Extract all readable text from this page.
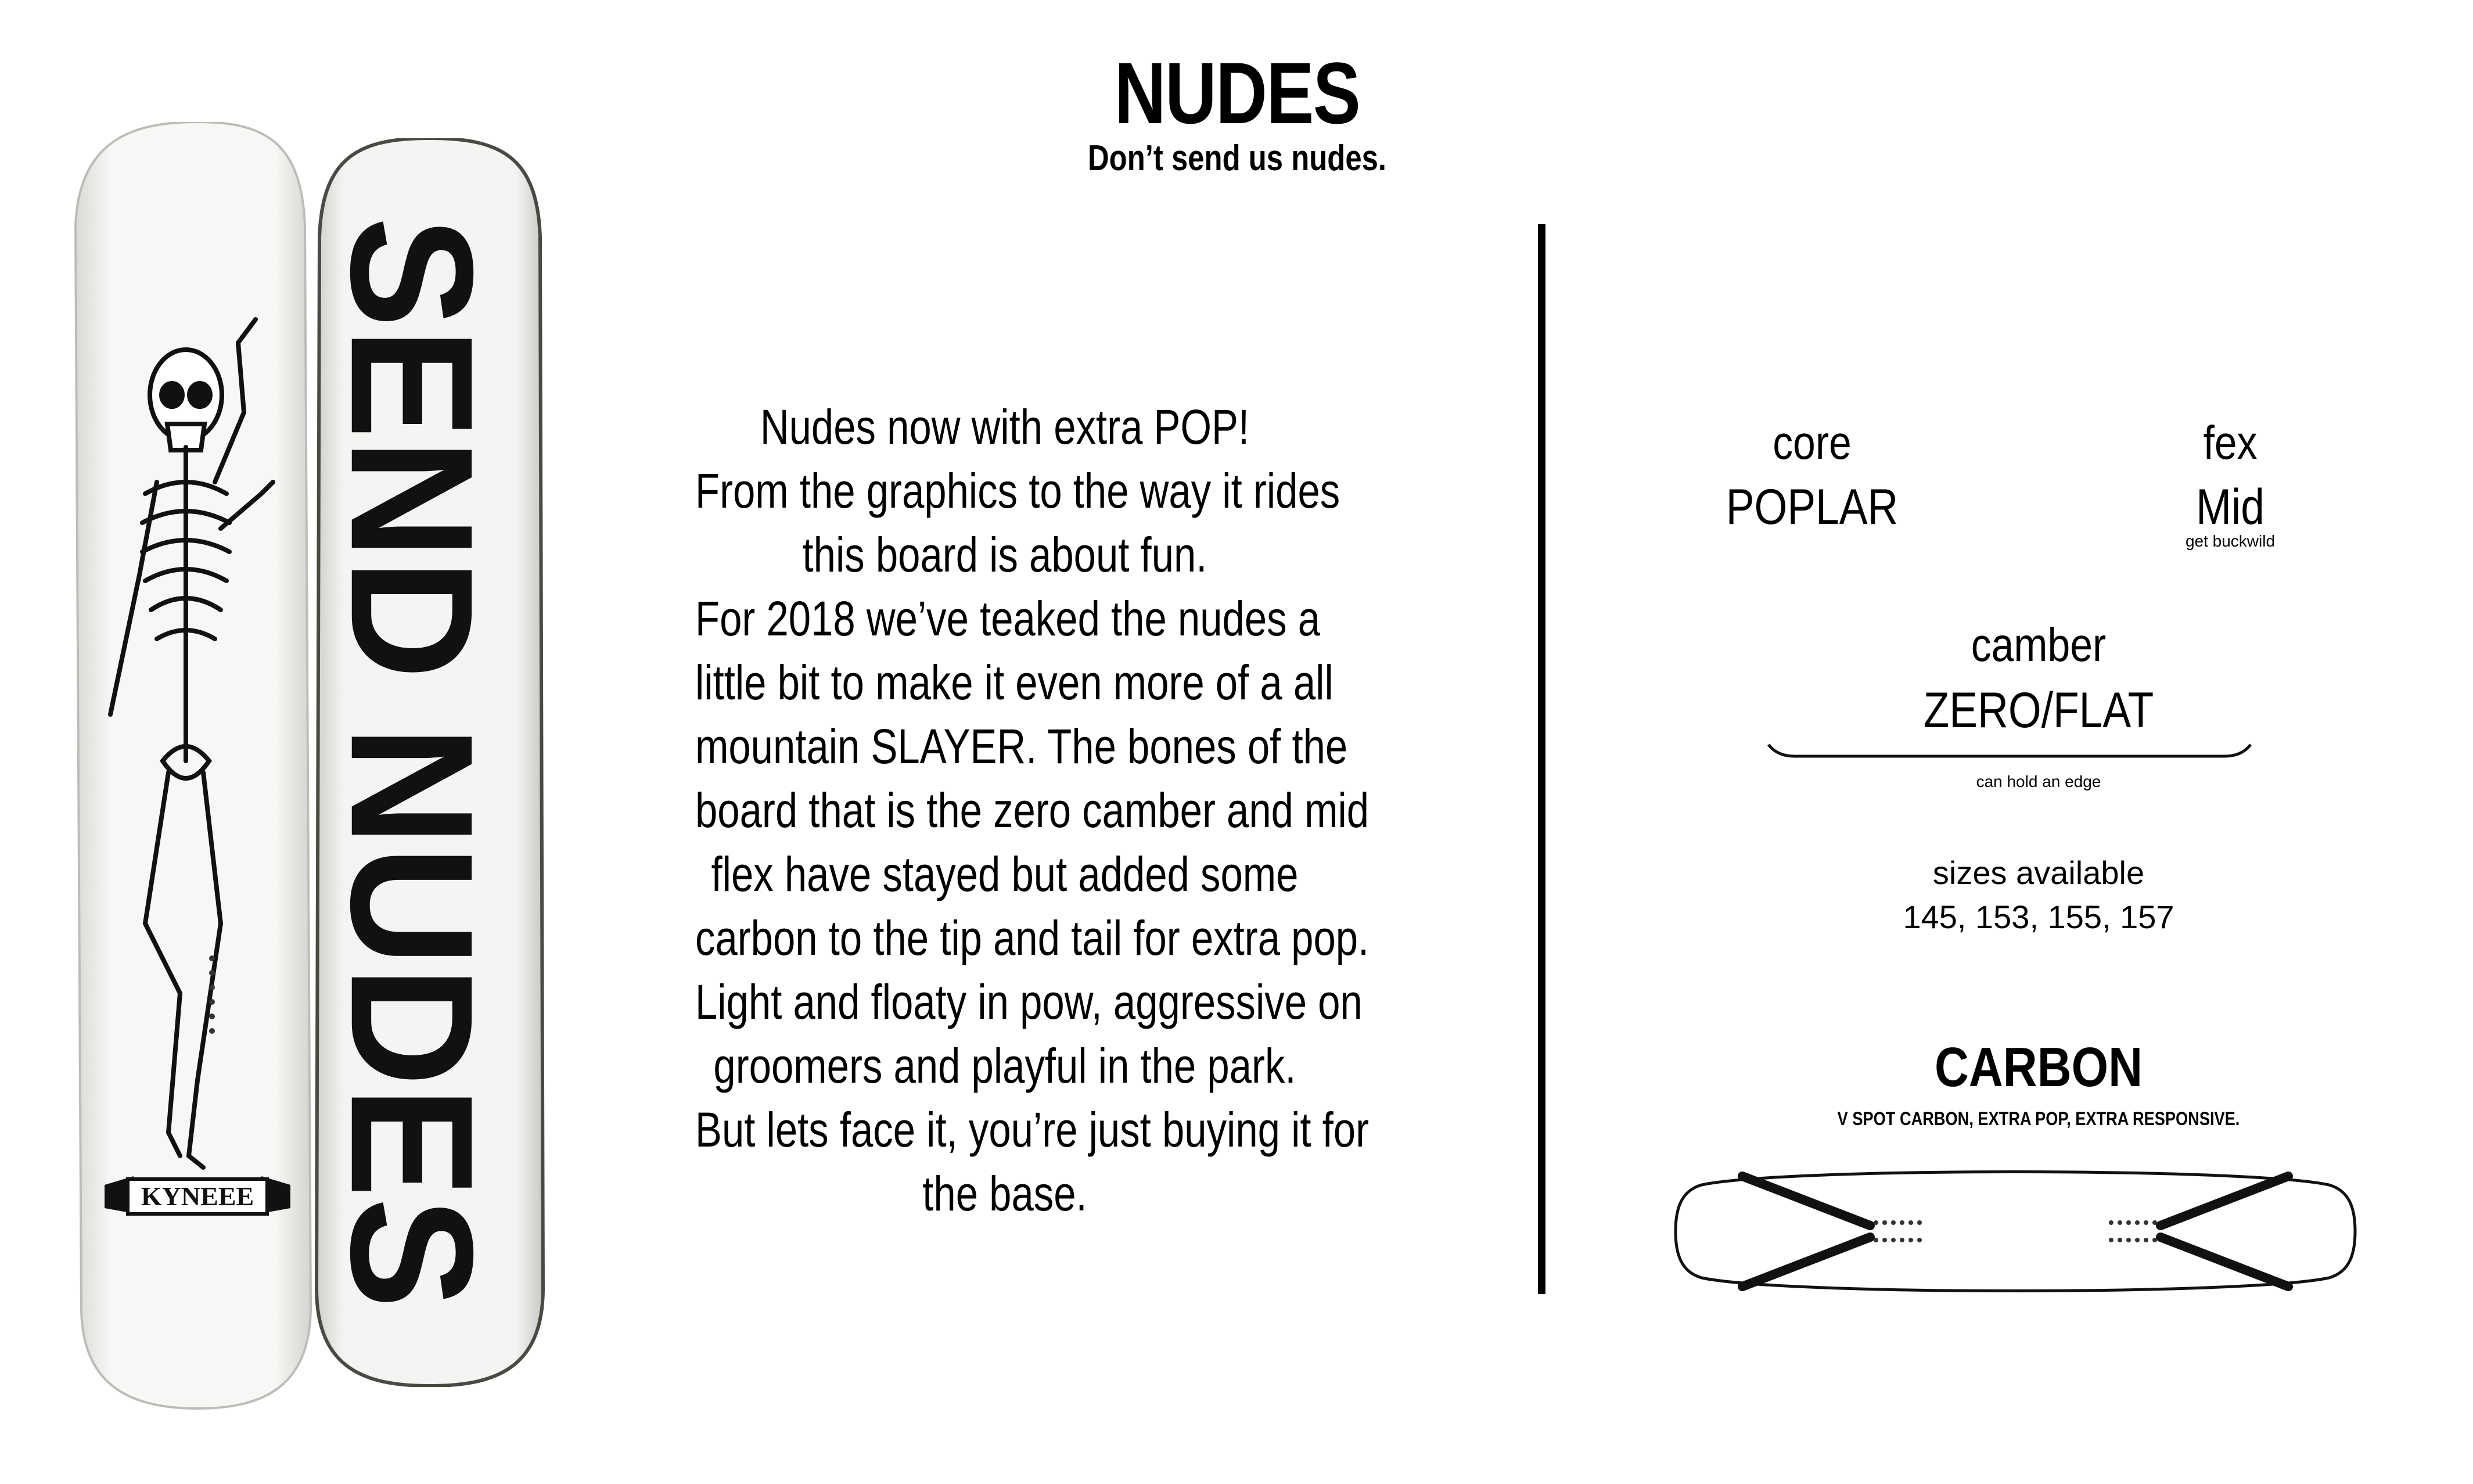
KYNEEE SEND NUDES
NUDES
Don’t send us nudes.

Nudes now with extra POP!

From the graphics to the way it rides

this board is about fun.

For 2018 we’ve teaked the nudes a

little bit to make it even more of a all

mountain SLAYER. The bones of the

board that is the zero camber and mid

flex have stayed but added some

carbon to the tip and tail for extra pop.

Light and floaty in pow, aggressive on

groomers and playful in the park.

But lets face it, you’re just buying it for

the base.

core
POPLAR
fex
Mid
get buckwild
camber
ZERO/FLAT
can hold an edge
sizes available
145, 153, 155, 157
CARBON
V SPOT CARBON, EXTRA POP, EXTRA RESPONSIVE.
